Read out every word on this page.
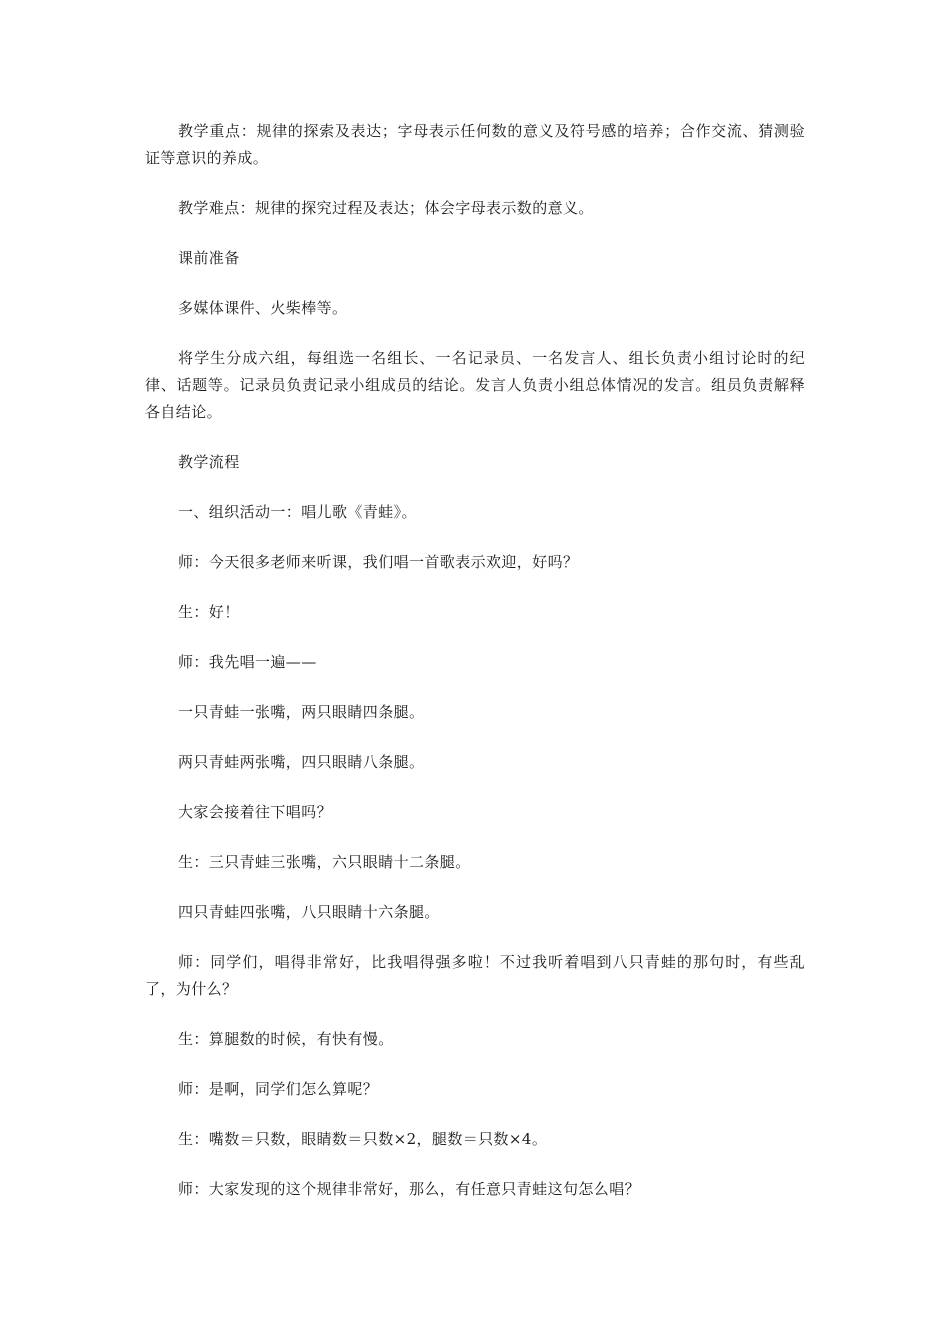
教学重点：规律的探索及表达；字母表示任何数的意义及符号感的培养；合作交流、猜测验证等意识的养成。

教学难点：规律的探究过程及表达；体会字母表示数的意义。

课前准备

多媒体课件、火柴棒等。

将学生分成六组，每组选一名组长、一名记录员、一名发言人、组长负责小组讨论时的纪律、话题等。记录员负责记录小组成员的结论。发言人负责小组总体情况的发言。组员负责解释各自结论。

教学流程

一、组织活动一：唱儿歌《青蛙》。

师：今天很多老师来听课，我们唱一首歌表示欢迎，好吗？

生：好！

师：我先唱一遍——

一只青蛙一张嘴，两只眼睛四条腿。

两只青蛙两张嘴，四只眼睛八条腿。

大家会接着往下唱吗？

生：三只青蛙三张嘴，六只眼睛十二条腿。

四只青蛙四张嘴，八只眼睛十六条腿。

师：同学们，唱得非常好，比我唱得强多啦！不过我听着唱到八只青蛙的那句时，有些乱了，为什么？

生：算腿数的时候，有快有慢。

师：是啊，同学们怎么算呢？

生：嘴数＝只数，眼睛数＝只数×2，腿数＝只数×4。

师：大家发现的这个规律非常好，那么，有任意只青蛙这句怎么唱？
